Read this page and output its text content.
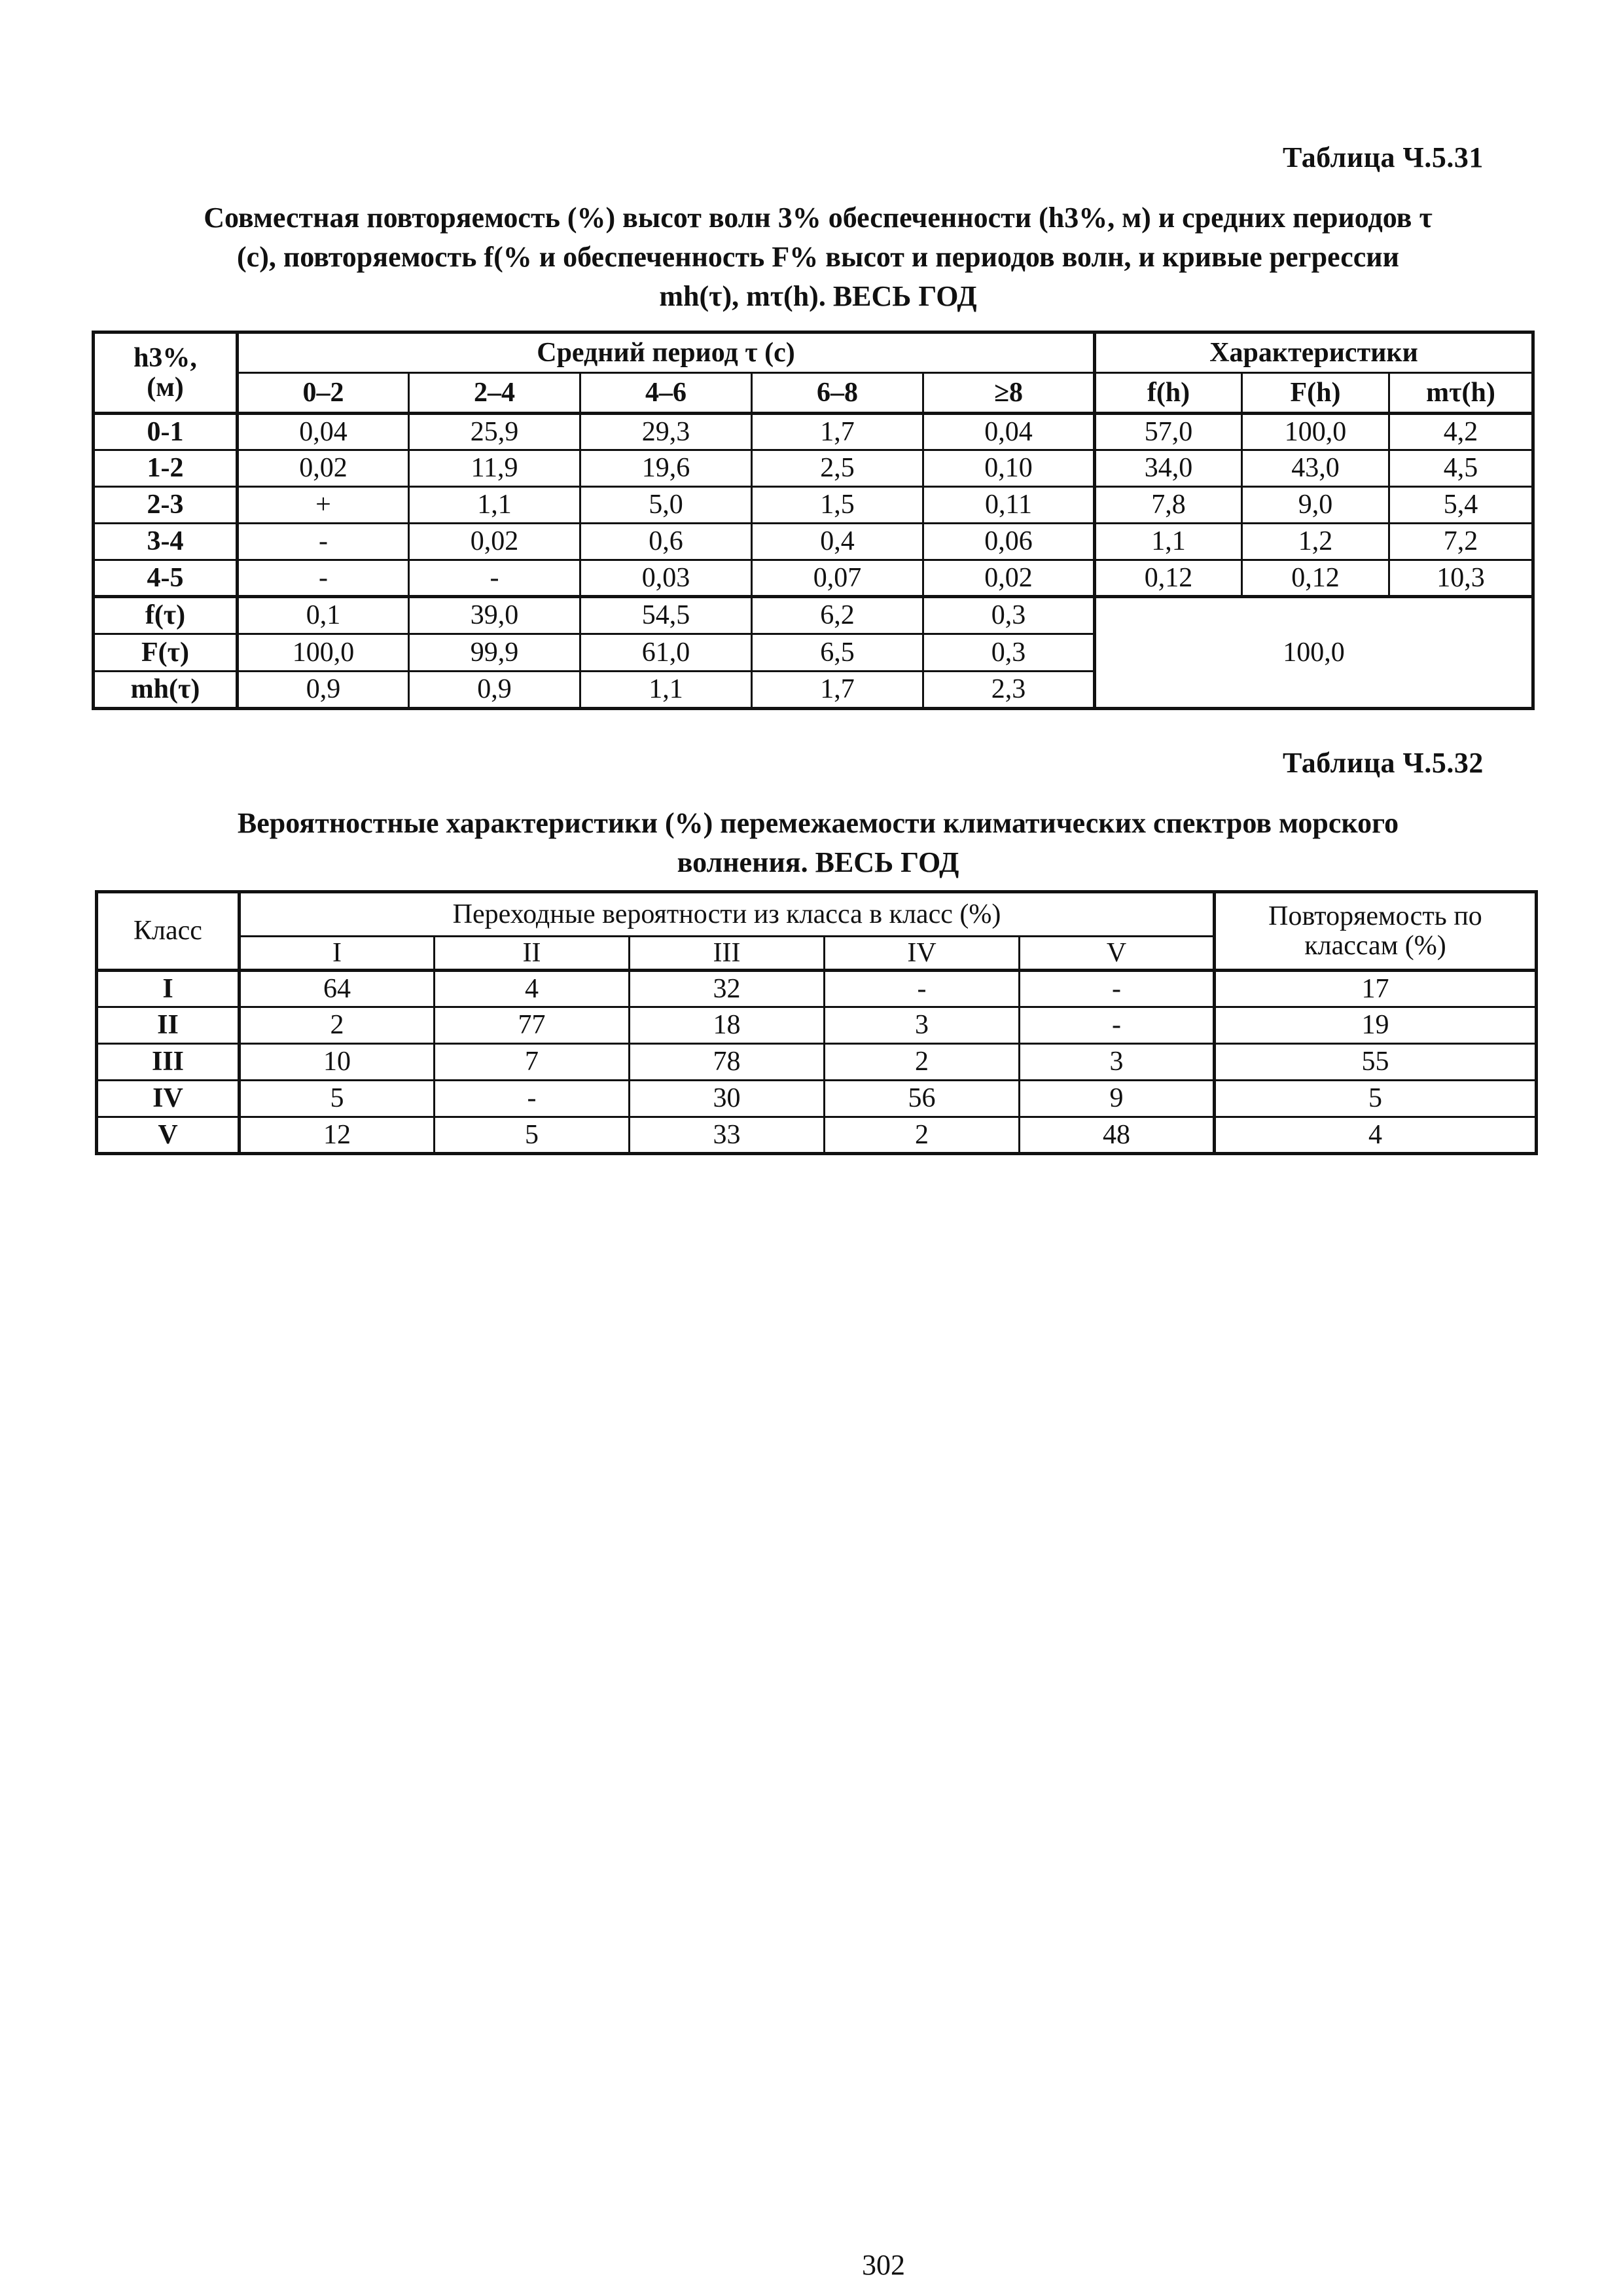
Таблица Ч.5.31
Совместная повторяемость (%) высот волн 3% обеспеченности (h3%, м) и средних периодов τ
(с), повторяемость f(% и обеспеченность F% высот и периодов волн, и кривые регрессии
mh(τ), mτ(h). ВЕСЬ ГОД
h3%,
(м)	Средний период τ (с)					Характеристики		
	0–2	2–4	4–6	6–8	≥8	f(h)	F(h)	mτ(h)
0-1	0,04	25,9	29,3	1,7	0,04	57,0	100,0	4,2
1-2	0,02	11,9	19,6	2,5	0,10	34,0	43,0	4,5
2-3	+	1,1	5,0	1,5	0,11	7,8	9,0	5,4
3-4	-	0,02	0,6	0,4	0,06	1,1	1,2	7,2
4-5	-	-	0,03	0,07	0,02	0,12	0,12	10,3
f(τ)	0,1	39,0	54,5	6,2	0,3	100,0		
F(τ)	100,0	99,9	61,0	6,5	0,3			
mh(τ)	0,9	0,9	1,1	1,7	2,3			
Таблица Ч.5.32
Вероятностные характеристики (%) перемежаемости климатических спектров морского
волнения. ВЕСЬ ГОД
Класс	Переходные вероятности из класса в класс (%)					Повторяемость по
классам (%)

	I	II	III	IV	V	
I	64	4	32	-	-	17
II	2	77	18	3	-	19
III	10	7	78	2	3	55
IV	5	-	30	56	9	5
V	12	5	33	2	48	4
302
